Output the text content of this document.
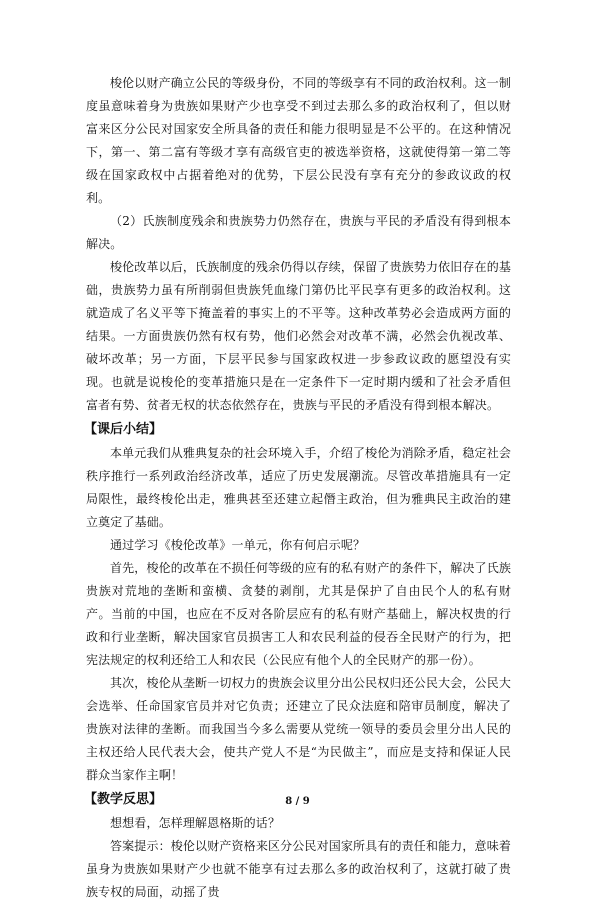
梭伦以财产确立公民的等级身份，不同的等级享有不同的政治权利。这一制度虽意味着身为贵族如果财产少也享受不到过去那么多的政治权利了，但以财富来区分公民对国家安全所具备的责任和能力很明显是不公平的。在这种情况下，第一、第二富有等级才享有高级官吏的被选举资格，这就使得第一第二等级在国家政权中占据着绝对的优势，下层公民没有享有充分的参政议政的权利。

（2）氏族制度残余和贵族势力仍然存在，贵族与平民的矛盾没有得到根本解决。

梭伦改革以后，氏族制度的残余仍得以存续，保留了贵族势力依旧存在的基础，贵族势力虽有所削弱但贵族凭血缘门第仍比平民享有更多的政治权利。这就造成了名义平等下掩盖着的事实上的不平等。这种改革势必会造成两方面的结果。一方面贵族仍然有权有势，他们必然会对改革不满，必然会仇视改革、破坏改革；另一方面，下层平民参与国家政权进一步参政议政的愿望没有实现。也就是说梭伦的变革措施只是在一定条件下一定时期内缓和了社会矛盾但富者有势、贫者无权的状态依然存在，贵族与平民的矛盾没有得到根本解决。

【课后小结】

本单元我们从雅典复杂的社会环境入手，介绍了梭伦为消除矛盾，稳定社会秩序推行一系列政治经济改革，适应了历史发展潮流。尽管改革措施具有一定局限性，最终梭伦出走，雅典甚至还建立起僭主政治，但为雅典民主政治的建立奠定了基础。

通过学习《梭伦改革》一单元，你有何启示呢？

首先，梭伦的改革在不损任何等级的应有的私有财产的条件下，解决了氏族贵族对荒地的垄断和蛮横、贪婪的剥削，尤其是保护了自由民个人的私有财产。当前的中国，也应在不反对各阶层应有的私有财产基础上，解决权贵的行政和行业垄断，解决国家官员损害工人和农民利益的侵吞全民财产的行为，把宪法规定的权利还给工人和农民（公民应有他个人的全民财产的那一份）。

其次，梭伦从垄断一切权力的贵族会议里分出公民权归还公民大会，公民大会选举、任命国家官员并对它负责；还建立了民众法庭和陪审员制度，解决了贵族对法律的垄断。而我国当今多么需要从党统一领导的委员会里分出人民的主权还给人民代表大会，使共产党人不是“为民做主”，而应是支持和保证人民群众当家作主啊！

【教学反思】

想想看，怎样理解恩格斯的话？

答案提示：梭伦以财产资格来区分公民对国家所具有的责任和能力，意味着虽身为贵族如果财产少也就不能享有过去那么多的政治权利了，这就打破了贵族专权的局面，动摇了贵

8 / 9
